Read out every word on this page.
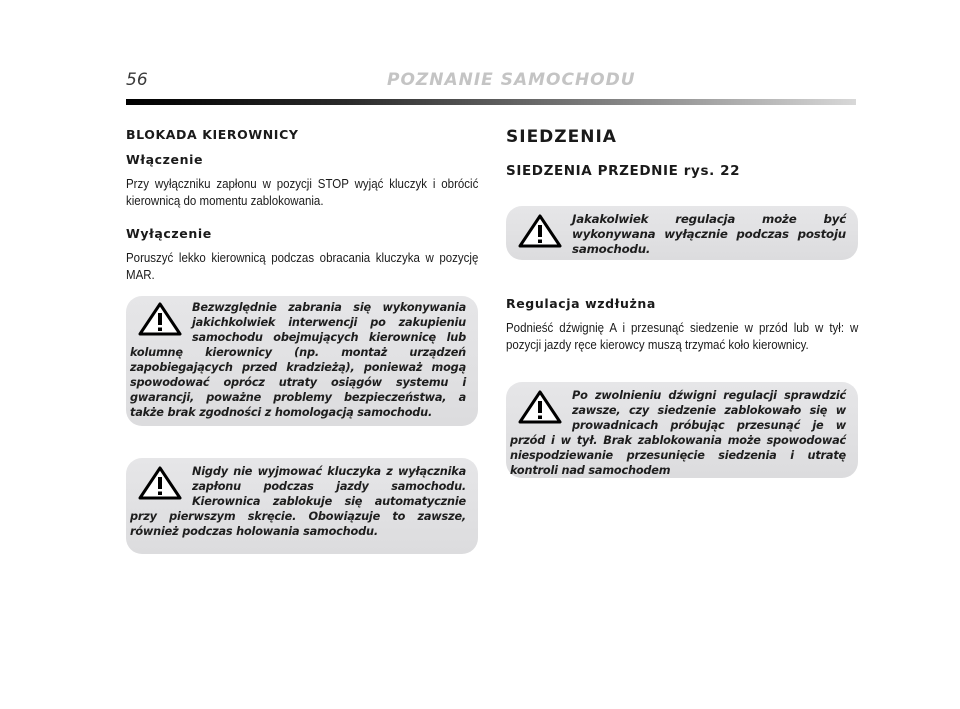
56	POZNANIE SAMOCHODU
BLOKADA KIEROWNICY
Włączenie

Przy wyłączniku zapłonu w pozycji STOP wyjąć kluczyk i obrócić kierownicą do momentu zablokowania.

Wyłączenie

Poruszyć lekko kierownicą podczas obracania kluczyka w pozycję MAR.

Bezwzględnie zabrania się wykonywania jakichkolwiek interwencji po zakupieniu samochodu obejmujących kierownicę lub kolumnę kierownicy (np. montaż urządzeń zapobiegających przed kradzieżą), ponieważ mogą spowodować oprócz utraty osiągów systemu i gwarancji, poważne problemy bezpieczeństwa, a także brak zgodności z homologacją samochodu.

Nigdy nie wyjmować kluczyka z wyłącznika zapłonu podczas jazdy samochodu. Kierownica zablokuje się automatycznie przy pierwszym skręcie. Obowiązuje to zawsze, również podczas holowania samochodu.

SIEDZENIA
SIEDZENIA PRZEDNIE rys. 22

Jakakolwiek regulacja może być wykonywana wyłącznie podczas postoju samochodu.

Regulacja wzdłużna

Podnieść dźwignię A i przesunąć siedzenie w przód lub w tył: w pozycji jazdy ręce kierowcy muszą trzymać koło kierownicy.

Po zwolnieniu dźwigni regulacji sprawdzić zawsze, czy siedzenie zablokowało się w prowadnicach próbując przesunąć je w przód i w tył. Brak zablokowania może spowodować niespodziewanie przesunięcie siedzenia i utratę kontroli nad samochodem
